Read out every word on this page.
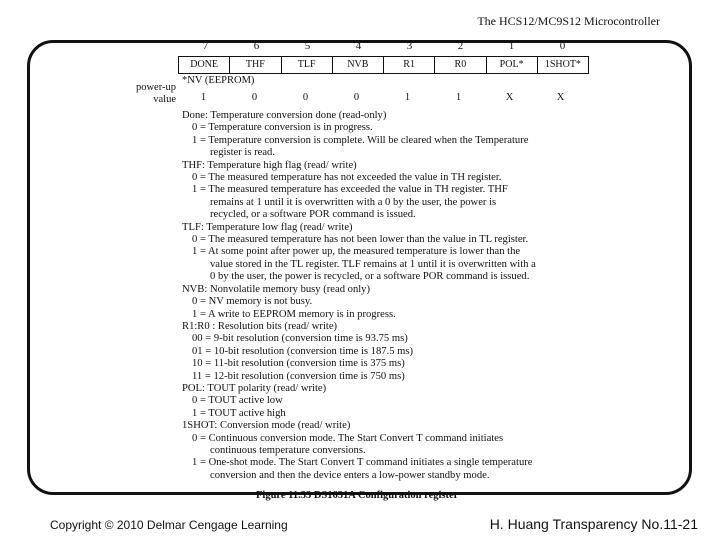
The HCS12/MC9S12 Microcontroller
7	6	5	4	3	2	1	0
DONE	THF	TLF	NVB	R1	R0	POL*	1SHOT*
*NV (EEPROM)
power-up value	1	0	0	0	1	1	X	X
Done: Temperature conversion done (read-only)
0 = Temperature conversion is in progress.
1 = Temperature conversion is complete. Will be cleared when the Temperature
register is read.
THF: Temperature high flag (read/ write)
0 = The measured temperature has not exceeded the value in TH register.
1 = The measured temperature has exceeded the value in TH register. THF
remains at 1 until it is overwritten with a 0 by the user, the power is
recycled, or a software POR command is issued.
TLF: Temperature low flag (read/ write)
0 = The measured temperature has not been lower than the value in TL register.
1 = At some point after power up, the measured temperature is lower than the
value stored in the TL register. TLF remains at 1 until it is overwritten with a
0 by the user, the power is recycled, or a software POR command is issued.
NVB: Nonvolatile memory busy (read only)
0 = NV memory is not busy.
1 = A write to EEPROM memory is in progress.
R1:R0 : Resolution bits (read/ write)
00 = 9-bit resolution (conversion time is 93.75 ms)
01 = 10-bit resolution (conversion time is 187.5 ms)
10 = 11-bit resolution (conversion time is 375 ms)
11 = 12-bit resolution (conversion time is 750 ms)
POL: TOUT polarity (read/ write)
0 = TOUT active low
1 = TOUT active high
1SHOT: Conversion mode (read/ write)
0 = Continuous conversion mode. The Start Convert T command initiates
continuous temperature conversions.
1 = One-shot mode. The Start Convert T command initiates a single temperature
conversion and then the device enters a low-power standby mode.
Figure 11.33 DS1631A Configuration register
Copyright © 2010 Delmar Cengage Learning	H. Huang Transparency No.11-21
